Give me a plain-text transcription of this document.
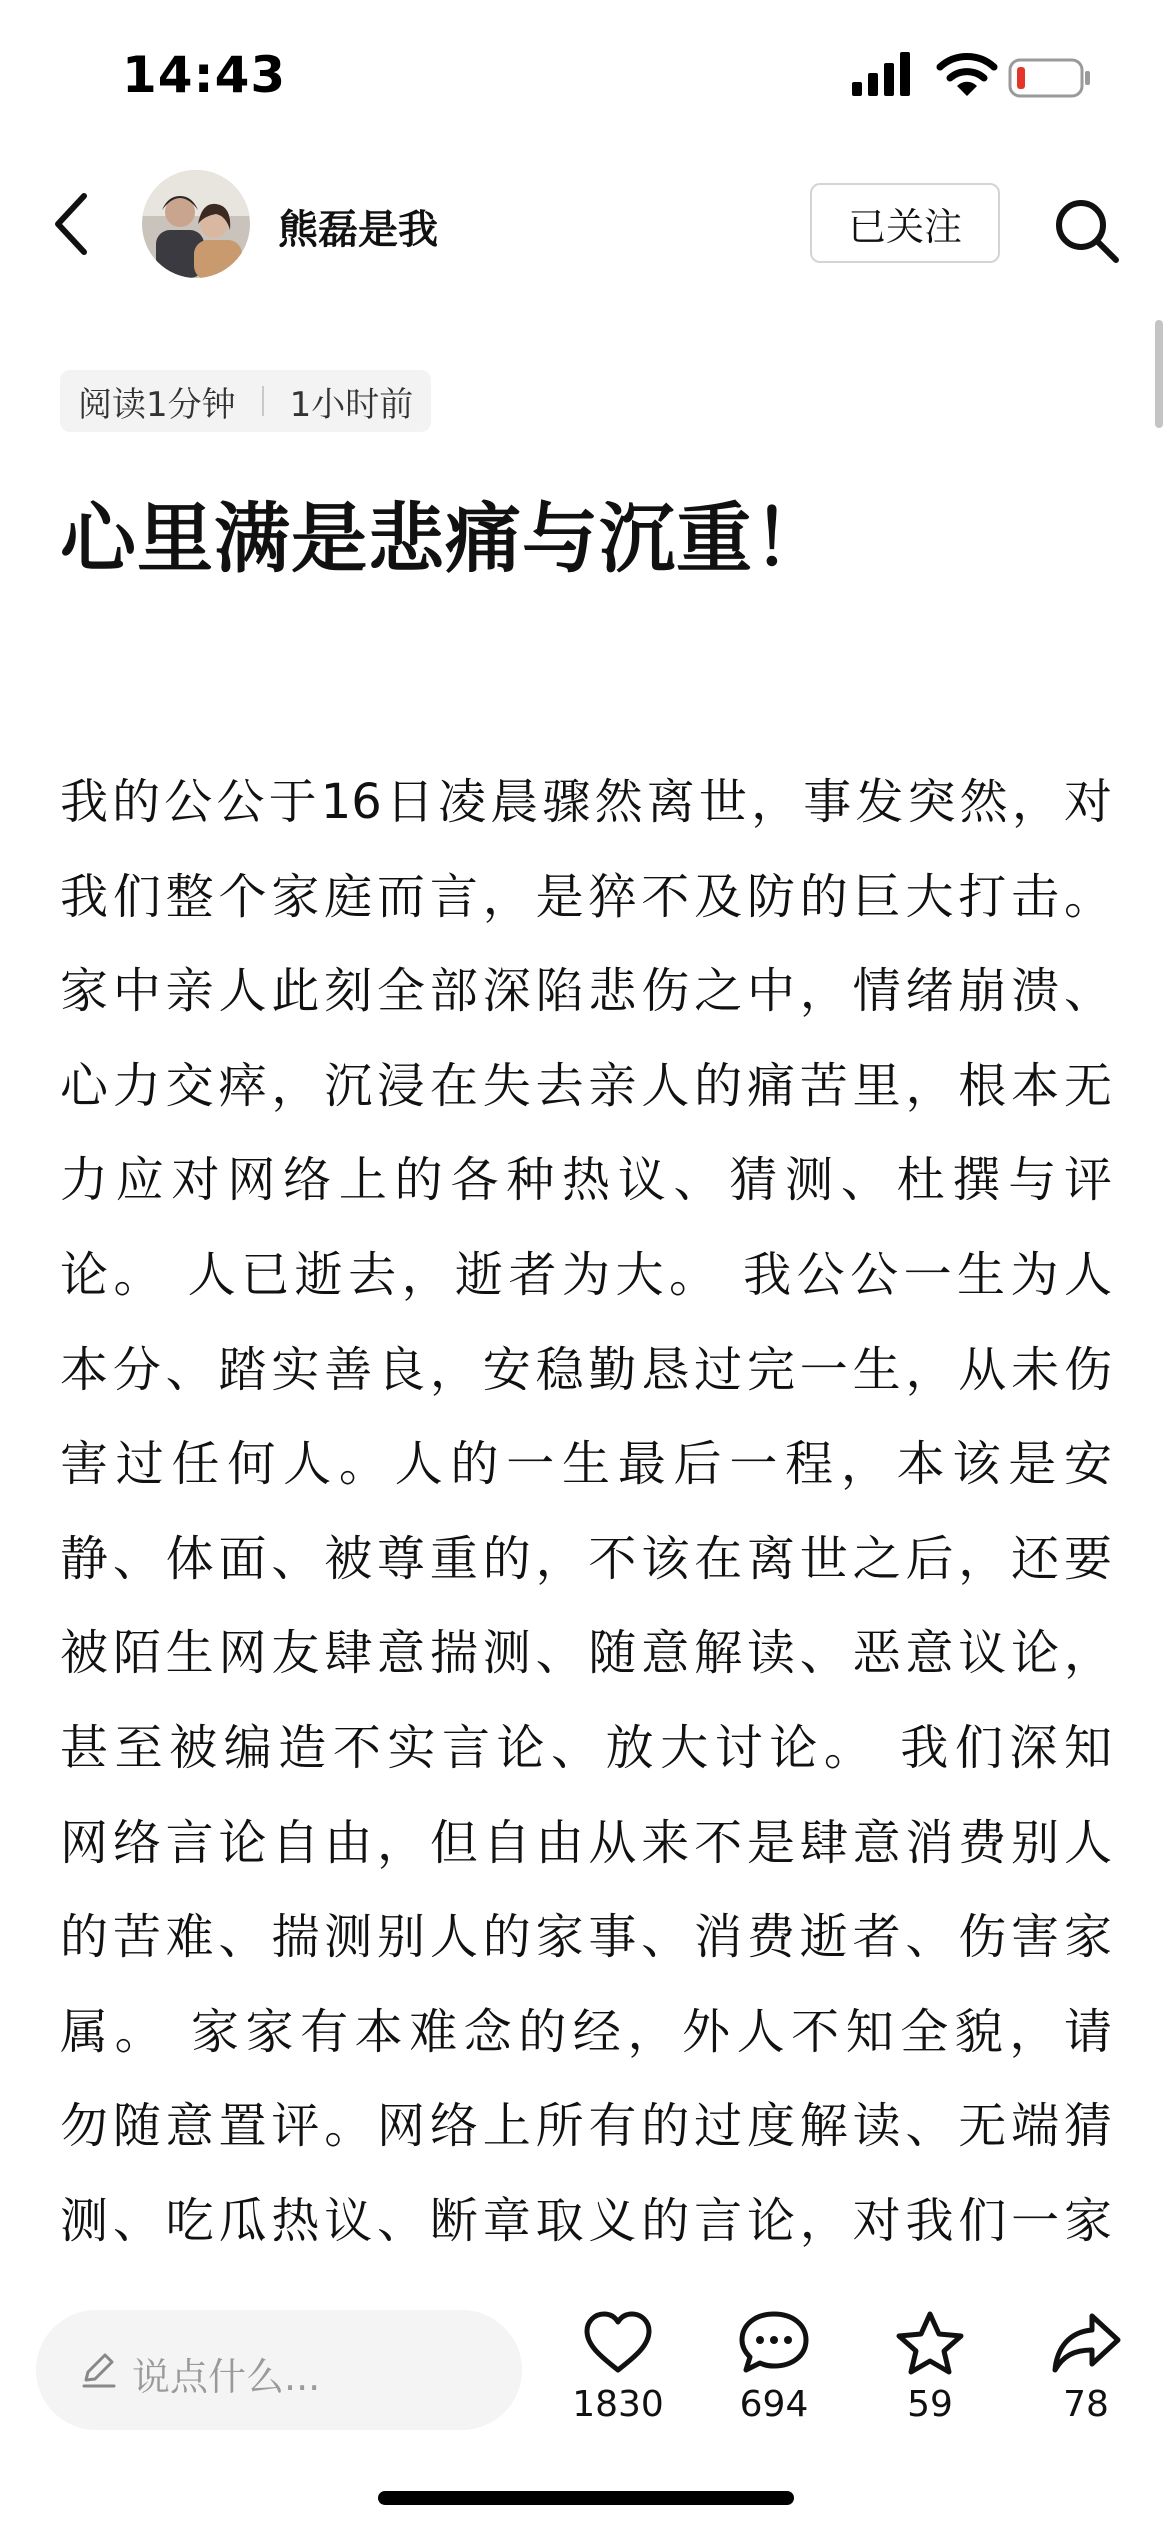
14:43
熊磊是我	已关注
阅读1分钟 1小时前
心里满是悲痛与沉重！
我的公公于16日凌晨骤然离世，事发突然，对
我们整个家庭而言，是猝不及防的巨大打击。
家中亲人此刻全部深陷悲伤之中，情绪崩溃、
心力交瘁，沉浸在失去亲人的痛苦里，根本无
力应对网络上的各种热议、猜测、杜撰与评
论。 人已逝去，逝者为大。 我公公一生为人
本分、踏实善良，安稳勤恳过完一生，从未伤
害过任何人。人的一生最后一程，本该是安
静、体面、被尊重的，不该在离世之后，还要
被陌生网友肆意揣测、随意解读、恶意议论，
甚至被编造不实言论、放大讨论。 我们深知
网络言论自由，但自由从来不是肆意消费别人
的苦难、揣测别人的家事、消费逝者、伤害家
属。 家家有本难念的经，外人不知全貌，请
勿随意置评。网络上所有的过度解读、无端猜
测、吃瓜热议、断章取义的言论，对我们一家
说点什么...
1830	694	59	78
